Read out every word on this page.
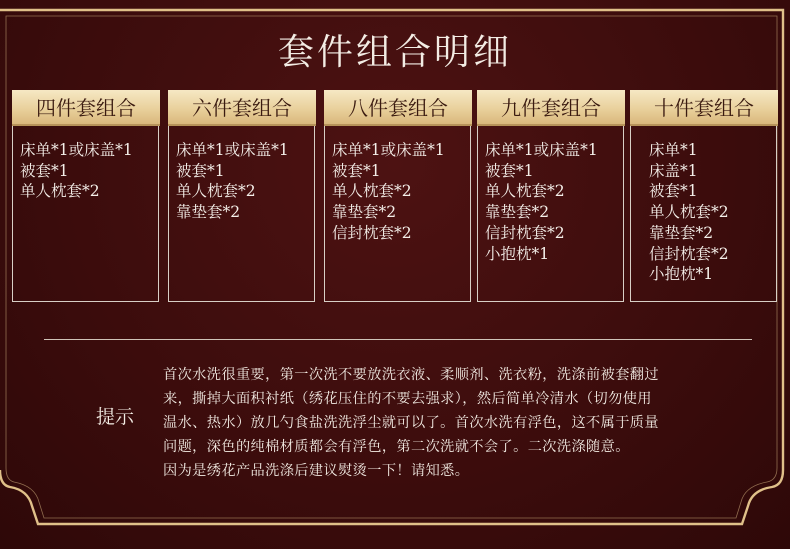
套件组合明细
四件套组合
床单*1或床盖*1
被套*1
单人枕套*2
六件套组合
床单*1或床盖*1
被套*1
单人枕套*2
靠垫套*2
八件套组合
床单*1或床盖*1
被套*1
单人枕套*2
靠垫套*2
信封枕套*2
九件套组合
床单*1或床盖*1
被套*1
单人枕套*2
靠垫套*2
信封枕套*2
小抱枕*1
十件套组合
床单*1
床盖*1
被套*1
单人枕套*2
靠垫套*2
信封枕套*2
小抱枕*1
提示
首次水洗很重要，第一次洗不要放洗衣液、柔顺剂、洗衣粉，洗涤前被套翻过
来，撕掉大面积衬纸（绣花压住的不要去强求），然后简单冷清水（切勿使用
温水、热水）放几勺食盐洗洗浮尘就可以了。首次水洗有浮色，这不属于质量
问题，深色的纯棉材质都会有浮色，第二次洗就不会了。二次洗涤随意。
因为是绣花产品洗涤后建议熨烫一下！请知悉。
